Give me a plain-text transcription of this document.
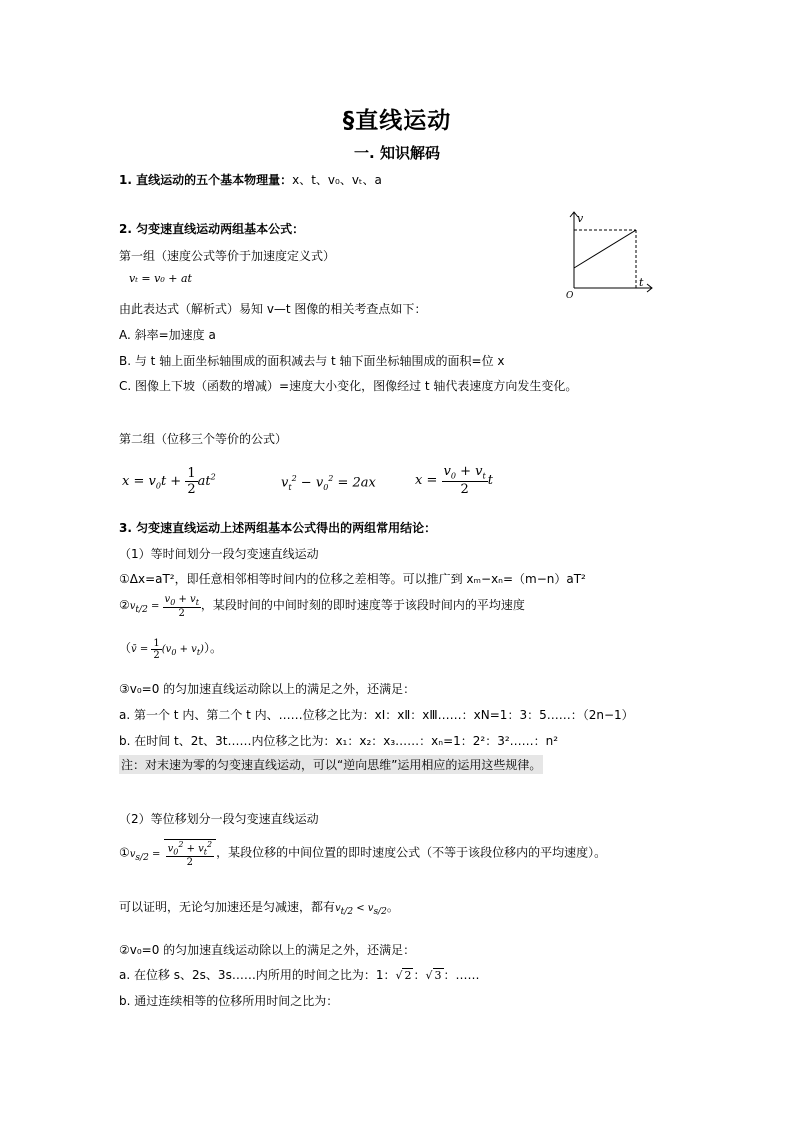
§直线运动
一. 知识解码
1. 直线运动的五个基本物理量：x、t、v₀、vₜ、a
2. 匀变速直线运动两组基本公式：
第一组（速度公式等价于加速度定义式）
vₜ = v₀ + at
由此表达式（解析式）易知 v—t 图像的相关考查点如下：
A. 斜率=加速度 a
B. 与 t 轴上面坐标轴围成的面积减去与 t 轴下面坐标轴围成的面积=位 x
C. 图像上下坡（函数的增减）=速度大小变化，图像经过 t 轴代表速度方向发生变化。
v
t
O
第二组（位移三个等价的公式）
$x = v_0t + \frac{1}{2} at^2$	$v_t^2 - v_0^2 = 2ax$	$x = \frac{v_0 + v_t}{2}$ t
3. 匀变速直线运动上述两组基本公式得出的两组常用结论：
（1）等时间划分一段匀变速直线运动
①Δx=aT²，即任意相邻相等时间内的位移之差相等。可以推广到 xₘ−xₙ=（m−n）aT²
$②v_{t/2} = \frac{v_0 + v_t}{2}$ ，某段时间的中间时刻的即时速度等于该段时间内的平均速度
（v̄ = $\frac{1}{2} (v_0 + v_t)$）。
③v₀=0 的匀加速直线运动除以上的满足之外，还满足：
a. 第一个 t 内、第二个 t 内、……位移之比为：xⅠ：xⅡ：xⅢ……：xN=1：3：5……：（2n−1）
b. 在时间 t、2t、3t……内位移之比为：x₁：x₂：x₃……：xₙ=1：2²：3²……：n²
注：对末速为零的匀变速直线运动，可以“逆向思维”运用相应的运用这些规律。
（2）等位移划分一段匀变速直线运动
$①v_{s/2} = \frac{v_0^2 + v_t^2}{2}$ ，某段位移的中间位置的即时速度公式（不等于该段位移内的平均速度）。
可以证明，无论匀加速还是匀减速，都有$v_{t/2} < v_{s/2}$。
②v₀=0 的匀加速直线运动除以上的满足之外，还满足：
a. 在位移 s、2s、3s……内所用的时间之比为：1：√ 2 ：√ 3 ：……
b. 通过连续相等的位移所用时间之比为：
